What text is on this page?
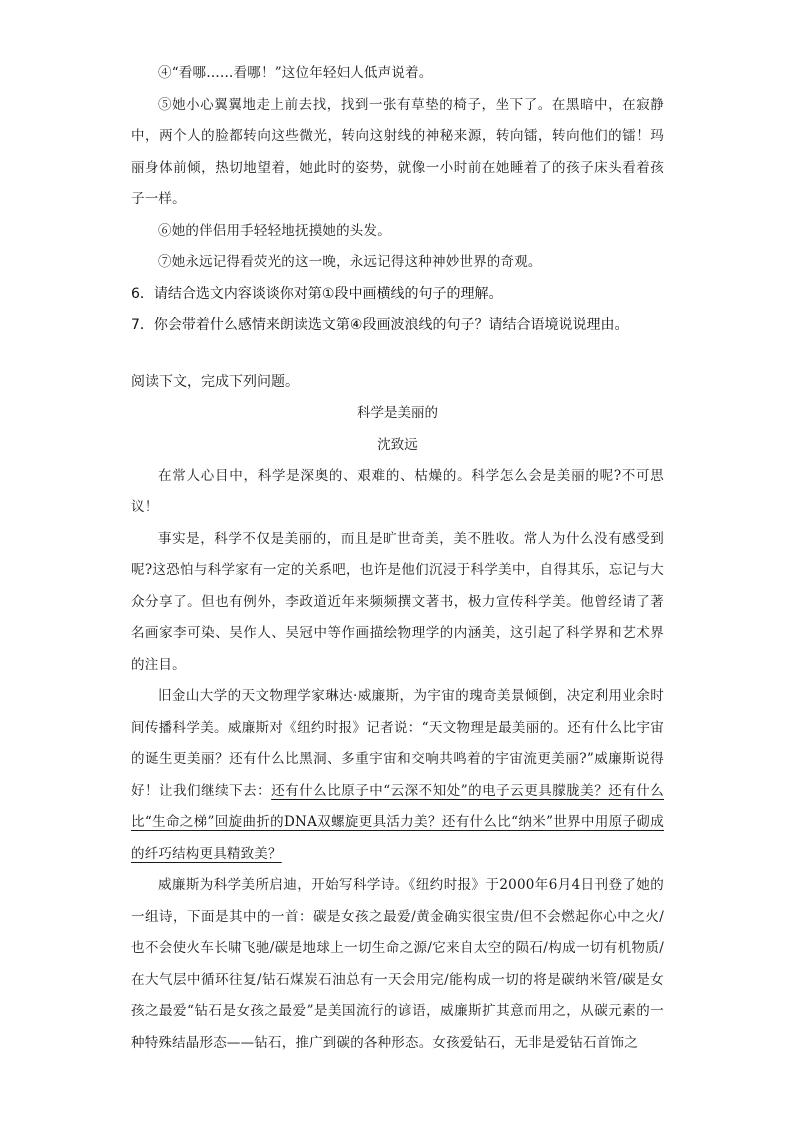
④“看哪……看哪！”这位年轻妇人低声说着。

⑤她小心翼翼地走上前去找，找到一张有草垫的椅子，坐下了。在黑暗中，在寂静中，两个人的脸都转向这些微光，转向这射线的神秘来源，转向镭，转向他们的镭！玛丽身体前倾，热切地望着，她此时的姿势，就像一小时前在她睡着了的孩子床头看着孩子一样。

⑥她的伴侣用手轻轻地抚摸她的头发。

⑦她永远记得看荧光的这一晚，永远记得这种神妙世界的奇观。

6．请结合选文内容谈谈你对第①段中画横线的句子的理解。

7．你会带着什么感情来朗读选文第④段画波浪线的句子？请结合语境说说理由。

阅读下文，完成下列问题。

科学是美丽的

沈致远

在常人心目中，科学是深奥的、艰难的、枯燥的。科学怎么会是美丽的呢?不可思议！

事实是，科学不仅是美丽的，而且是旷世奇美，美不胜收。常人为什么没有感受到呢?这恐怕与科学家有一定的关系吧，也许是他们沉浸于科学美中，自得其乐，忘记与大众分享了。但也有例外，李政道近年来频频撰文著书，极力宣传科学美。他曾经请了著名画家李可染、吴作人、吴冠中等作画描绘物理学的内涵美，这引起了科学界和艺术界的注目。

旧金山大学的天文物理学家琳达·威廉斯，为宇宙的瑰奇美景倾倒，决定利用业余时间传播科学美。威廉斯对《纽约时报》记者说：“天文物理是最美丽的。还有什么比宇宙的诞生更美丽？还有什么比黑洞、多重宇宙和交响共鸣着的宇宙流更美丽?”威廉斯说得好！让我们继续下去：还有什么比原子中“云深不知处”的电子云更具朦胧美？还有什么比“生命之梯”回旋曲折的DNA双螺旋更具活力美？还有什么比“纳米”世界中用原子砌成的纤巧结构更具精致美？

威廉斯为科学美所启迪，开始写科学诗。《纽约时报》于2000年6月4日刊登了她的一组诗，下面是其中的一首：碳是女孩之最爱/黄金确实很宝贵/但不会燃起你心中之火/也不会使火车长啸飞驰/碳是地球上一切生命之源/它来自太空的陨石/构成一切有机物质/在大气层中循环往复/钻石煤炭石油总有一天会用完/能构成一切的将是碳纳米管/碳是女孩之最爱“钻石是女孩之最爱”是美国流行的谚语，威廉斯扩其意而用之，从碳元素的一种特殊结晶形态——钻石，推广到碳的各种形态。女孩爱钻石，无非是爱钻石首饰之
